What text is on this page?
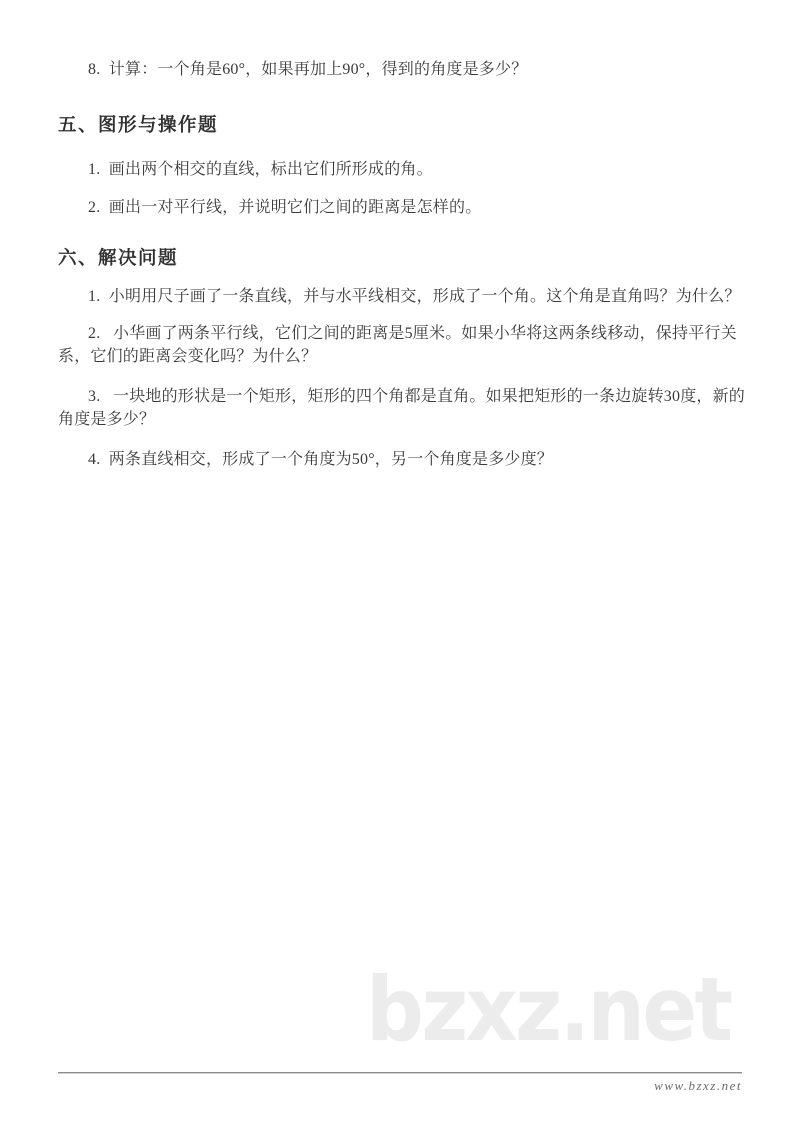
bzxz.net

8.  计算：一个角是60°，如果再加上90°，得到的角度是多少？

五、图形与操作题

1.  画出两个相交的直线，标出它们所形成的角。

2.  画出一对平行线，并说明它们之间的距离是怎样的。

六、解决问题

1.  小明用尺子画了一条直线，并与水平线相交，形成了一个角。这个角是直角吗？为什么？

2.   小华画了两条平行线，它们之间的距离是5厘米。如果小华将这两条线移动，保持平行关系，它们的距离会变化吗？为什么？

3.   一块地的形状是一个矩形，矩形的四个角都是直角。如果把矩形的一条边旋转30度，新的角度是多少？

4.  两条直线相交，形成了一个角度为50°，另一个角度是多少度？

www.bzxz.net
